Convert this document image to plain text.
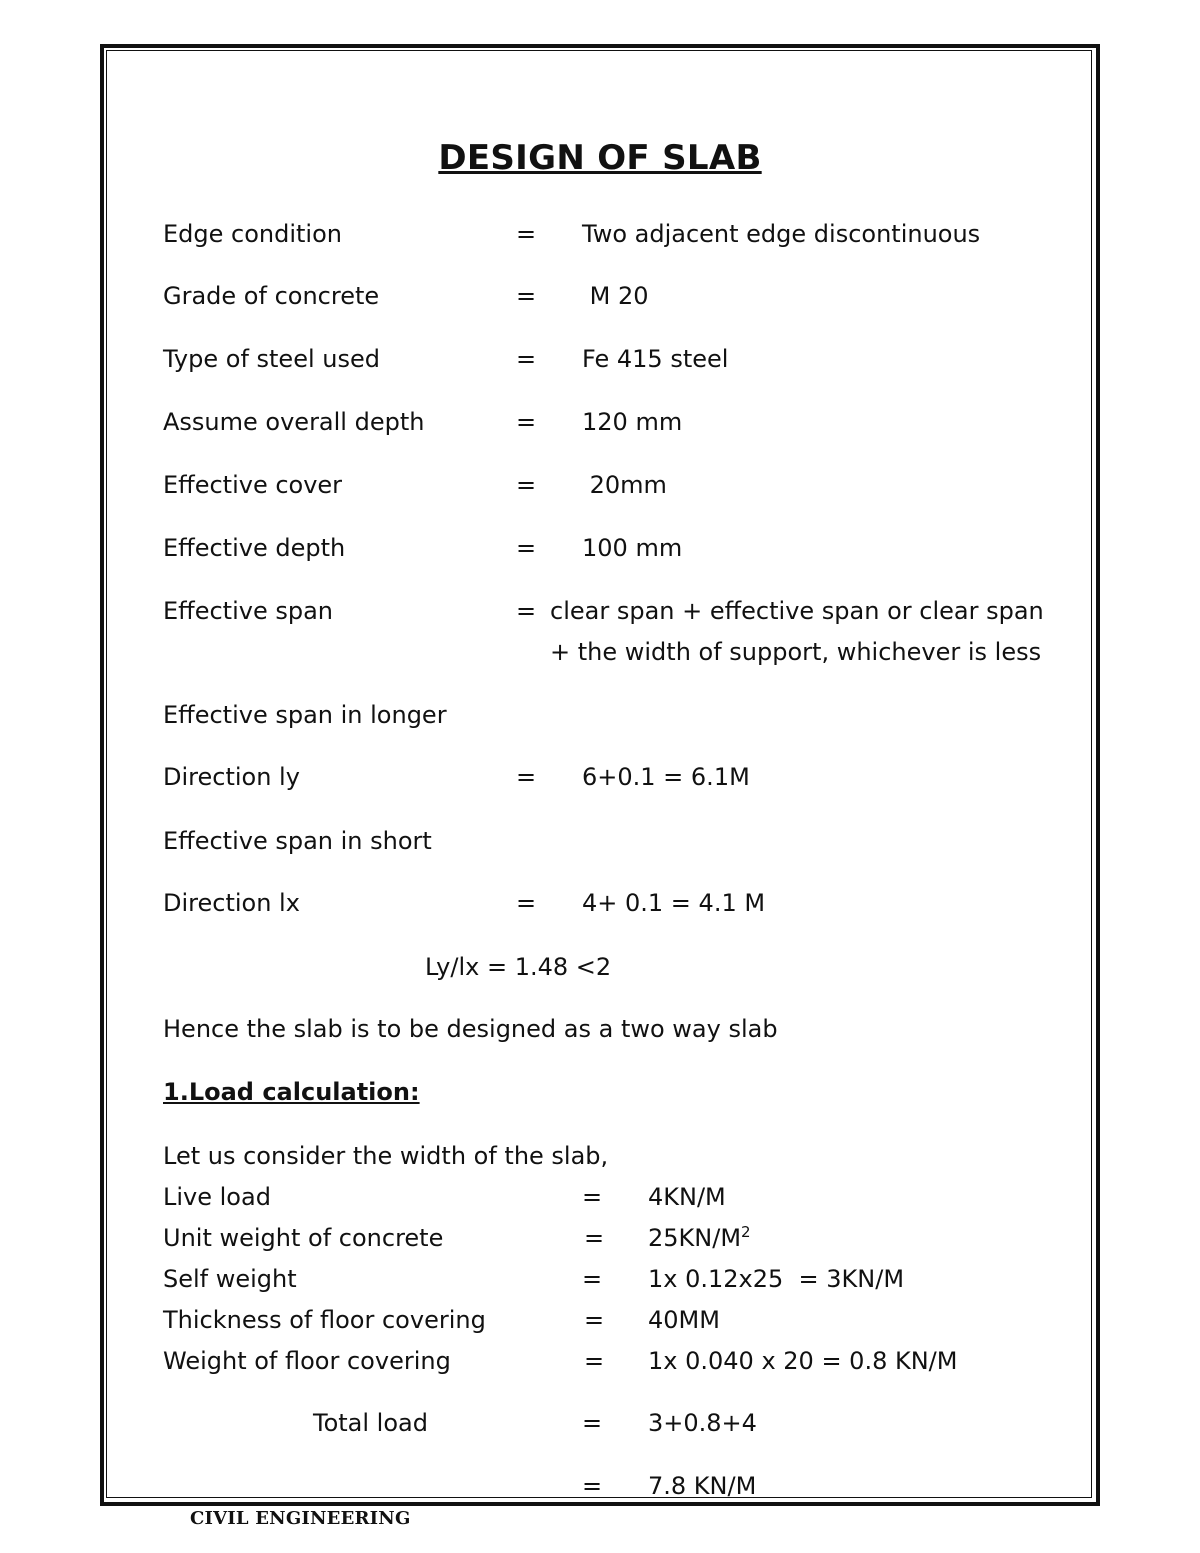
DESIGN OF SLAB
Edge condition	= Two adjacent edge discontinuous
Grade of concrete	= M 20
Type of steel used	= Fe 415 steel
Assume overall depth	= 120 mm
Effective cover	= 20mm
Effective depth	= 100 mm
Effective span	= clear span + effective span or clear span
+ the width of support, whichever is less
Effective span in longer
Direction ly	= 6+0.1 = 6.1M
Effective span in short
Direction lx	= 4+ 0.1 = 4.1 M
Ly/lx = 1.48 <2
Hence the slab is to be designed as a two way slab
1.Load calculation:
Let us consider the width of the slab,
Live load	= 4KN/M
Unit weight of concrete	= $25KN/M^2$
Self weight	= 1x 0.12x25  = 3KN/M
Thickness of floor covering	= 40MM
Weight of floor covering	= 1x 0.040 x 20 = 0.8 KN/M
Total load	= 3+0.8+4
= 7.8 KN/M
CIVIL ENGINEERING
